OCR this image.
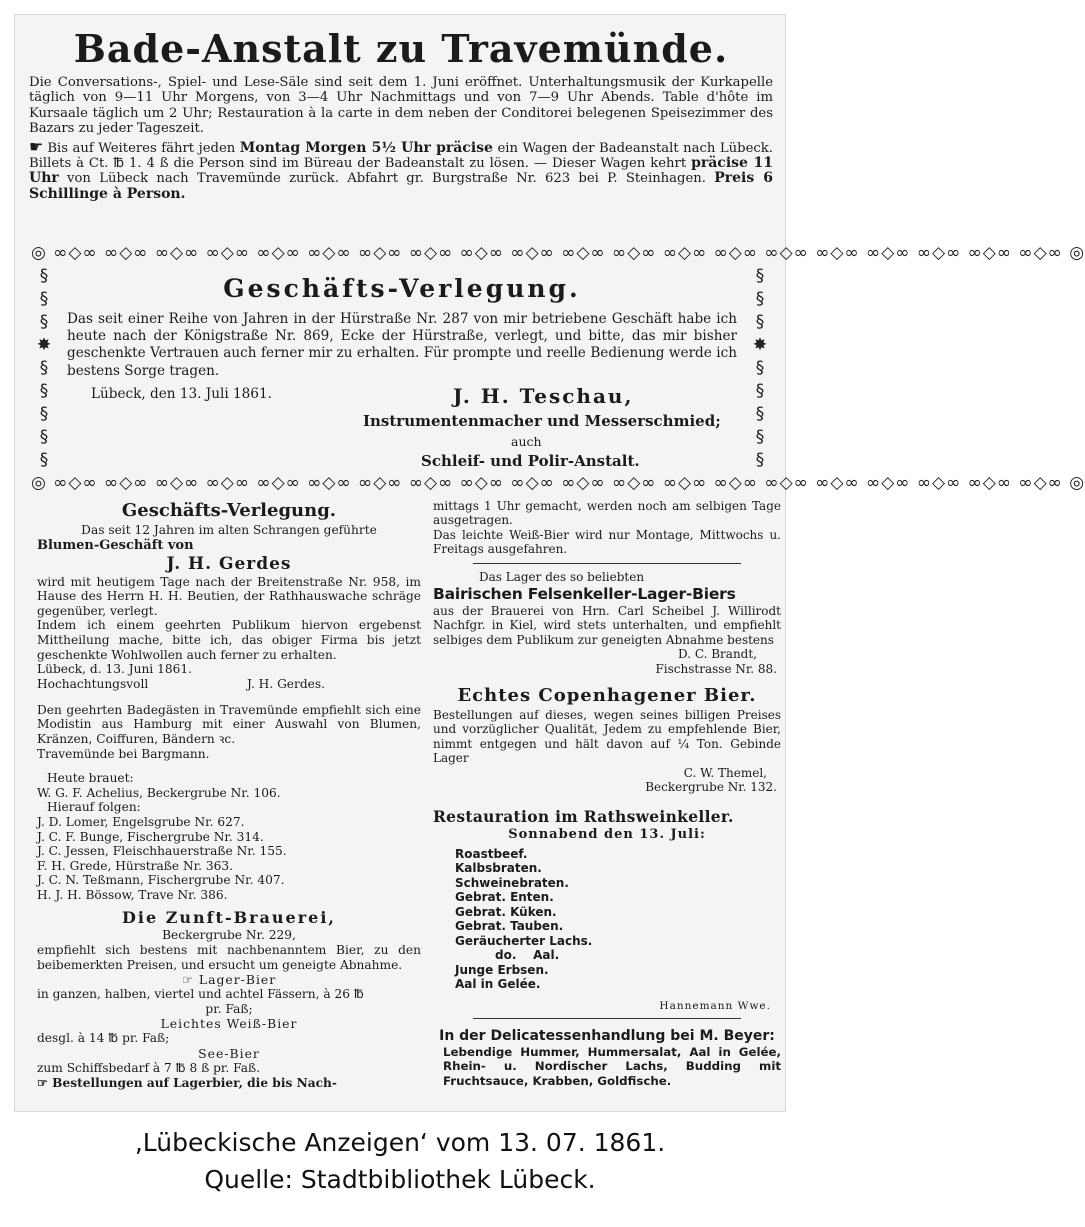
Bade-Anstalt zu Travemünde.

Die Conversations-, Spiel- und Lese-Säle sind seit dem 1. Juni eröffnet. Unterhaltungsmusik der Kurkapelle täglich von 9—11 Uhr Morgens, von 3—4 Uhr Nachmittags und von 7—9 Uhr Abends. Table d'hôte im Kursaale täglich um 2 Uhr; Restauration à la carte in dem neben der Conditorei belegenen Speisezimmer des Bazars zu jeder Tageszeit.

☛ Bis auf Weiteres fährt jeden Montag Morgen 5½ Uhr präcise ein Wagen der Badeanstalt nach Lübeck. Billets à Ct. ℔ 1. 4 ß die Person sind im Büreau der Badeanstalt zu lösen. — Dieser Wagen kehrt präcise 11 Uhr von Lübeck nach Travemünde zurück. Abfahrt gr. Burgstraße Nr. 623 bei P. Steinhagen. Preis 6 Schillinge à Person.

◎ ∞◇∞ ∞◇∞ ∞◇∞ ∞◇∞ ∞◇∞ ∞◇∞ ∞◇∞ ∞◇∞ ∞◇∞ ∞◇∞ ∞◇∞ ∞◇∞ ∞◇∞ ∞◇∞ ∞◇∞ ∞◇∞ ∞◇∞ ∞◇∞ ∞◇∞ ∞◇∞ ◎
§
§
§
✸
§
§
§
§
§
§
§
§
✸
§
§
§
§
§
◎ ∞◇∞ ∞◇∞ ∞◇∞ ∞◇∞ ∞◇∞ ∞◇∞ ∞◇∞ ∞◇∞ ∞◇∞ ∞◇∞ ∞◇∞ ∞◇∞ ∞◇∞ ∞◇∞ ∞◇∞ ∞◇∞ ∞◇∞ ∞◇∞ ∞◇∞ ∞◇∞ ◎
Geschäfts-Verlegung.

Das seit einer Reihe von Jahren in der Hürstraße Nr. 287 von mir betriebene Geschäft habe ich heute nach der Königstraße Nr. 869, Ecke der Hürstraße, verlegt, und bitte, das mir bisher geschenkte Vertrauen auch ferner mir zu erhalten. Für prompte und reelle Bedienung werde ich bestens Sorge tragen.

Lübeck, den 13. Juli 1861.	J. H. Teschau,
Instrumentenmacher und Messerschmied;
auch
Schleif- und Polir-Anstalt.
Geschäfts-Verlegung.

Das seit 12 Jahren im alten Schrangen geführte

Blumen-Geschäft von

J. H. Gerdes

wird mit heutigem Tage nach der Breitenstraße Nr. 958, im Hause des Herrn H. H. Beutien, der Rathhauswache schräge gegenüber, verlegt.

Indem ich einem geehrten Publikum hiervon ergebenst Mittheilung mache, bitte ich, das obiger Firma bis jetzt geschenkte Wohlwollen auch ferner zu erhalten.

Lübeck, d. 13. Juni 1861.

Hochachtungsvoll	J. H. Gerdes.

Den geehrten Badegästen in Travemünde empfiehlt sich eine Modistin aus Hamburg mit einer Auswahl von Blumen, Kränzen, Coiffuren, Bändern ꝛc.

Travemünde bei Bargmann.

Heute brauet:

W. G. F. Achelius, Beckergrube Nr. 106.

Hierauf folgen:

J. D. Lomer, Engelsgrube Nr. 627.

J. C. F. Bunge, Fischergrube Nr. 314.

J. C. Jessen, Fleischhauerstraße Nr. 155.

F. H. Grede, Hürstraße Nr. 363.

J. C. N. Teßmann, Fischergrube Nr. 407.

H. J. H. Bössow, Trave Nr. 386.

Die Zunft-Brauerei,

Beckergrube Nr. 229,

empfiehlt sich bestens mit nachbenanntem Bier, zu den beibemerkten Preisen, und ersucht um geneigte Abnahme.

☞ Lager-Bier

in ganzen, halben, viertel und achtel Fässern, à 26 ℔

pr. Faß;

Leichtes Weiß-Bier

desgl. à 14 ℔ pr. Faß;

See-Bier

zum Schiffsbedarf à 7 ℔ 8 ß pr. Faß.

☞ Bestellungen auf Lagerbier, die bis Nach-

mittags 1 Uhr gemacht, werden noch am selbigen Tage ausgetragen.

Das leichte Weiß-Bier wird nur Montage, Mittwochs u. Freitags ausgefahren.

Das Lager des so beliebten

Bairischen Felsenkeller-Lager-Biers

aus der Brauerei von Hrn. Carl Scheibel J. Willirodt Nachfgr. in Kiel, wird stets unterhalten, und empfiehlt selbiges dem Publikum zur geneigten Abnahme bestens

D. C. Brandt,

Fischstrasse Nr. 88.

Echtes Copenhagener Bier.

Bestellungen auf dieses, wegen seines billigen Preises und vorzüglicher Qualität, Jedem zu empfehlende Bier, nimmt entgegen und hält davon auf ¼ Ton. Gebinde Lager

C. W. Themel,

Beckergrube Nr. 132.

Restauration im Rathsweinkeller.

Sonnabend den 13. Juli:

Roastbeef.

Kalbsbraten.

Schweinebraten.

Gebrat. Enten.

Gebrat. Küken.

Gebrat. Tauben.

Geräucherter Lachs.

do.    Aal.

Junge Erbsen.

Aal in Gelée.

Hannemann Wwe.

In der Delicatessenhandlung bei M. Beyer:

Lebendige Hummer, Hummersalat, Aal in Gelée, Rhein- u. Nordischer Lachs, Budding mit Fruchtsauce, Krabben, Goldfische.

‚Lübeckische Anzeigen‘ vom 13. 07. 1861.
Quelle: Stadtbibliothek Lübeck.
